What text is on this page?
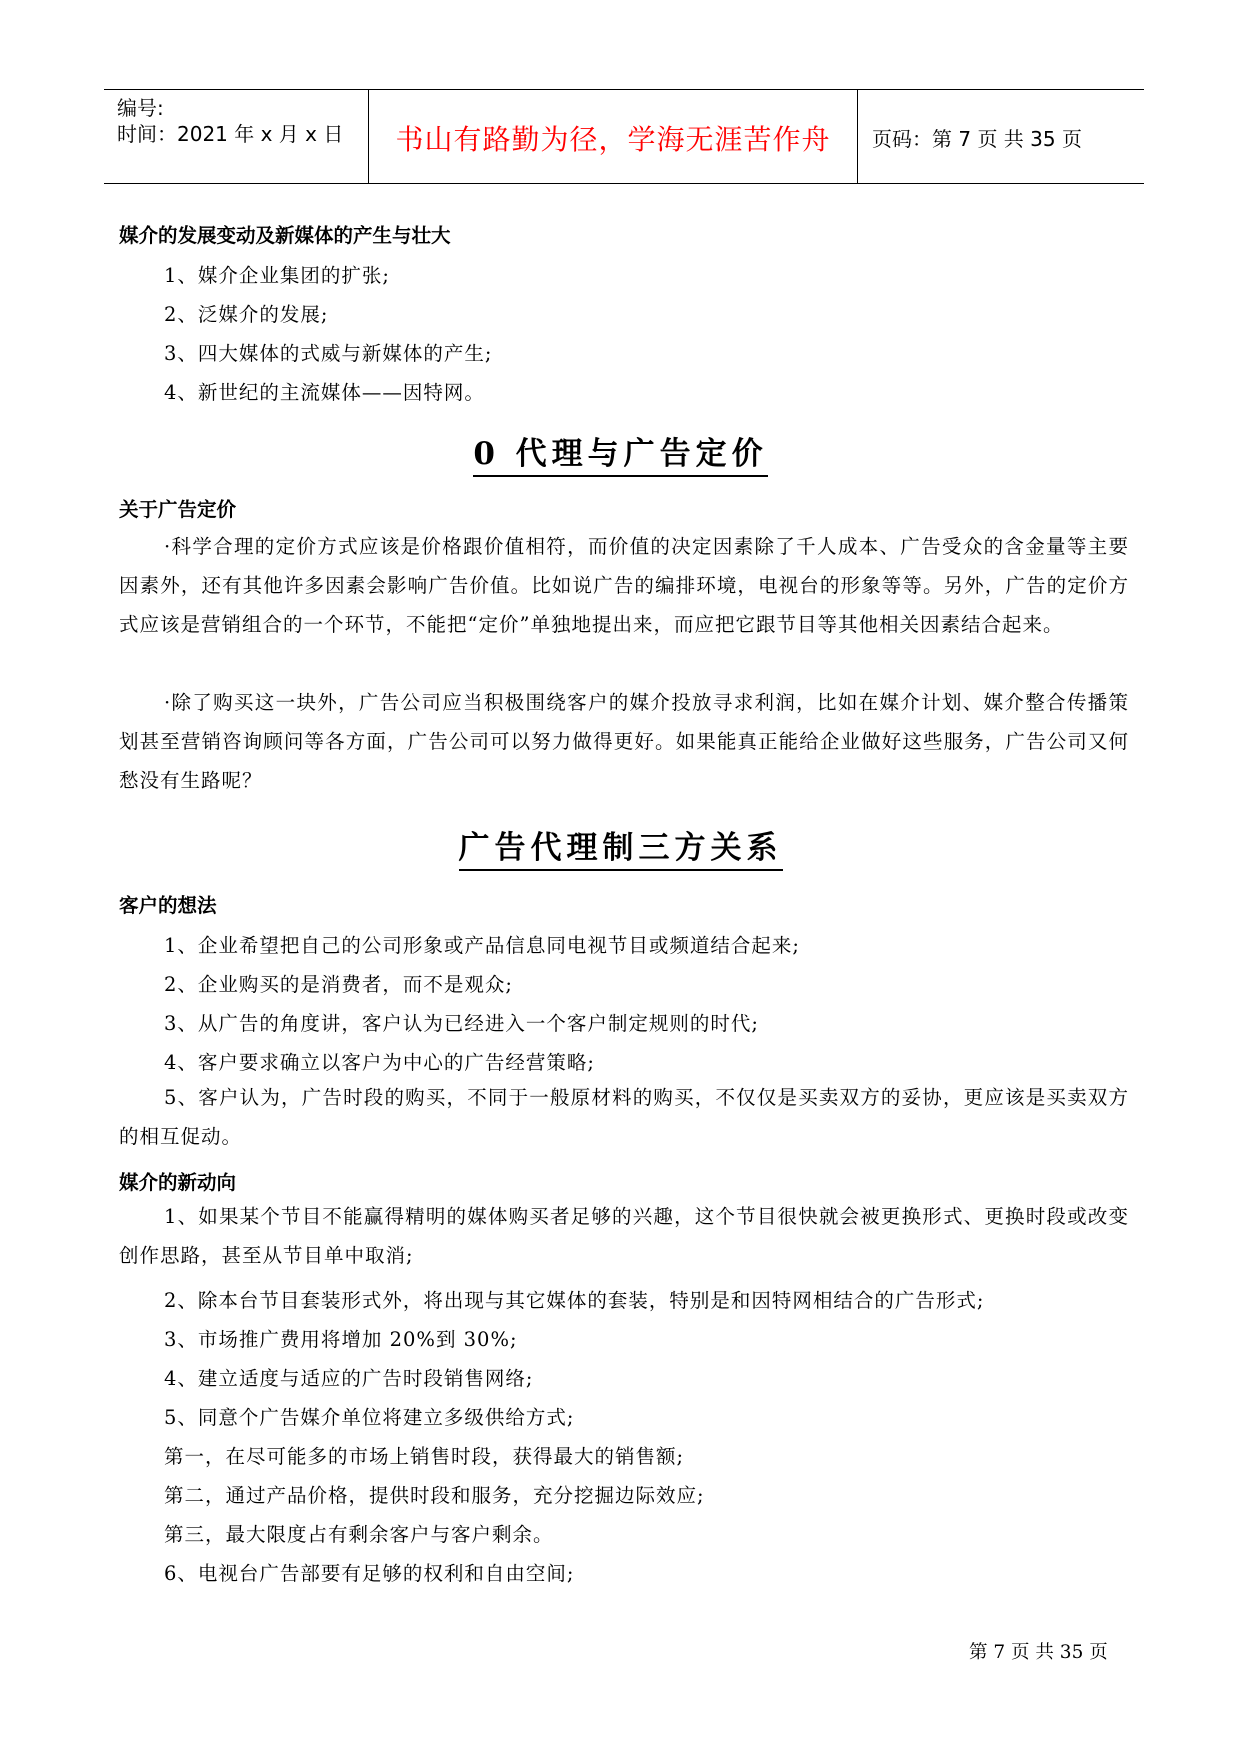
编号:
时间：2021 年 x 月 x 日	书山有路勤为径，学海无涯苦作舟	页码：第 7 页 共 35 页
媒介的发展变动及新媒体的产生与壮大
1、媒介企业集团的扩张;
2、泛媒介的发展;
3、四大媒体的式威与新媒体的产生;
4、新世纪的主流媒体——因特网。
0 代理与广告定价
关于广告定价
·科学合理的定价方式应该是价格跟价值相符，而价值的决定因素除了千人成本、广告受众的含金量等主要因素外，还有其他许多因素会影响广告价值。比如说广告的编排环境，电视台的形象等等。另外，广告的定价方式应该是营销组合的一个环节，不能把“定价”单独地提出来，而应把它跟节目等其他相关因素结合起来。
·除了购买这一块外，广告公司应当积极围绕客户的媒介投放寻求利润，比如在媒介计划、媒介整合传播策划甚至营销咨询顾问等各方面，广告公司可以努力做得更好。如果能真正能给企业做好这些服务，广告公司又何愁没有生路呢？
广告代理制三方关系
客户的想法
1、企业希望把自己的公司形象或产品信息同电视节目或频道结合起来;
2、企业购买的是消费者，而不是观众;
3、从广告的角度讲，客户认为已经进入一个客户制定规则的时代;
4、客户要求确立以客户为中心的广告经营策略;
5、客户认为，广告时段的购买，不同于一般原材料的购买，不仅仅是买卖双方的妥协，更应该是买卖双方的相互促动。
媒介的新动向
1、如果某个节目不能赢得精明的媒体购买者足够的兴趣，这个节目很快就会被更换形式、更换时段或改变创作思路，甚至从节目单中取消;
2、除本台节目套装形式外，将出现与其它媒体的套装，特别是和因特网相结合的广告形式;
3、市场推广费用将增加 20%到 30%;
4、建立适度与适应的广告时段销售网络;
5、同意个广告媒介单位将建立多级供给方式;
第一，在尽可能多的市场上销售时段，获得最大的销售额;
第二，通过产品价格，提供时段和服务，充分挖掘边际效应;
第三，最大限度占有剩余客户与客户剩余。
6、电视台广告部要有足够的权利和自由空间;
第 7 页 共 35 页
